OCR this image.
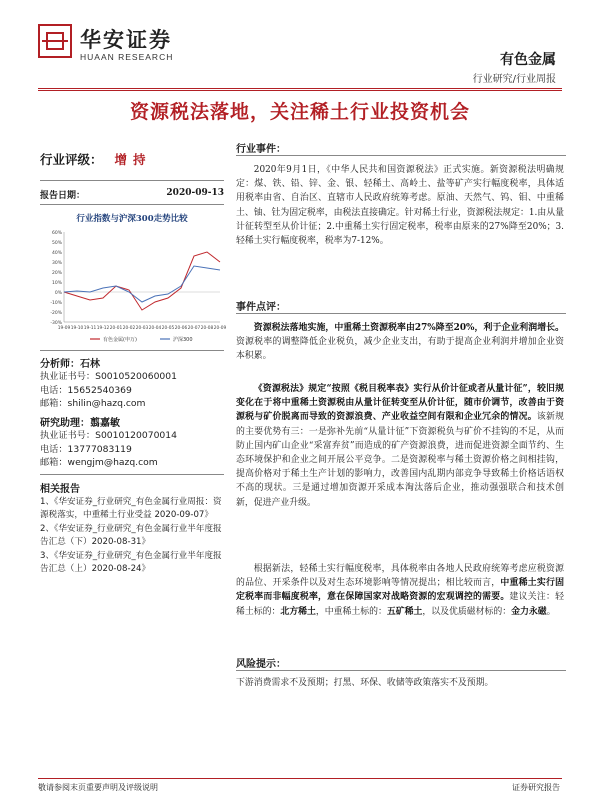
华安证券
HUAAN RESEARCH	有色金属
行业研究/行业周报
资源税法落地，关注稀土行业投资机会
行业评级： 增持
报告日期：	2020-09-13
行业指数与沪深300走势比较
60%
50%
40%
30%
20%
10%
0%
-10%
-20%
-30%
19-09 19-10 19-11 19-12 20-01 20-02 20-03 20-04 20-05 20-06 20-07 20-08 20-09
有色金属(申万)	沪深300
分析师：石林
执业证书号：S0010520060001
电话：15652540369
邮箱：shilin@hazq.com
研究助理：翦嘉敏
执业证书号：S0010120070014
电话：13777083119
邮箱：wengjm@hazq.com
相关报告
1、《华安证券_行业研究_有色金属行业周报：资源税落实，中重稀土行业受益 2020-09-07》
2、《华安证券_行业研究_有色金属行业半年度报告汇总（下）2020-08-31》
3、《华安证券_行业研究_有色金属行业半年度报告汇总（上）2020-08-24》
行业事件：
2020年9月1日，《中华人民共和国资源税法》正式实施。新资源税法明确规定：煤、铁、铅、锌、金、银、轻稀土、高岭土、盐等矿产实行幅度税率，具体适用税率由省、自治区、直辖市人民政府统筹考虑。原油、天然气、钨、钼、中重稀土、铀、钍为固定税率，由税法直接确定。针对稀土行业，资源税法规定：1.由从量计征转型至从价计征；2.中重稀土实行固定税率，税率由原来的27%降至20%；3.轻稀土实行幅度税率，税率为7-12%。
事件点评：
资源税法落地实施，中重稀土资源税率由27%降至20%，利于企业利润增长。资源税率的调整降低企业税负，减少企业支出，有助于提高企业利润并增加企业资本积累。
《资源税法》规定“按照《税目税率表》实行从价计征或者从量计征”，较旧规变化在于将中重稀土资源税由从量计征转变至从价计征，随市价调节，改善由于资源税与矿价脱离而导致的资源浪费、产业收益空间有限和企业冗余的情况。该新规的主要优势有三：一是弥补先前“从量计征”下资源税负与矿价不挂钩的不足，从而防止国内矿山企业“采富弃贫”而造成的矿产资源浪费，进而促进资源全面节约、生态环境保护和企业之间开展公平竞争。二是资源税率与稀土资源价格之间相挂钩，提高价格对于稀土生产计划的影响力，改善国内乱期内部竞争导致稀土价格话语权不高的现状。三是通过增加资源开采成本淘汰落后企业，推动强强联合和技术创新，促进产业升级。
根据新法，轻稀土实行幅度税率，具体税率由各地人民政府统筹考虑应税资源的品位、开采条件以及对生态环境影响等情况提出；相比较而言，中重稀土实行固定税率而非幅度税率，意在保障国家对战略资源的宏观调控的需要。建议关注：轻稀土标的：北方稀土，中重稀土标的：五矿稀土，以及优质磁材标的：金力永磁。
风险提示：
下游消费需求不及预期；打黑、环保、收储等政策落实不及预期。
敬请参阅末页重要声明及评级说明	证券研究报告
